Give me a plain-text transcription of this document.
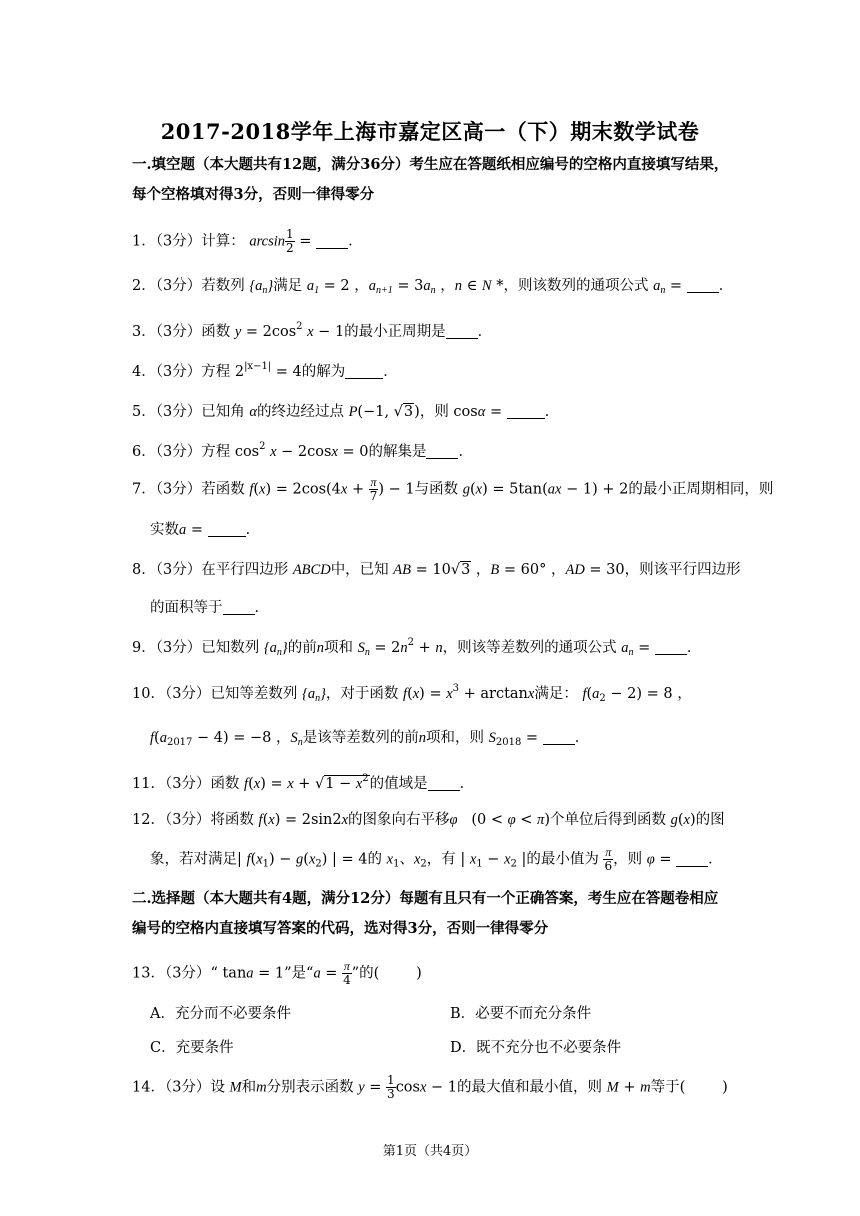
2017-2018学年上海市嘉定区高一（下）期末数学试卷
一.填空题（本大题共有12题，满分36分）考生应在答题纸相应编号的空格内直接填写结果，每个空格填对得3分，否则一律得零分
1．（3分）计算： $\arcsin \frac{1}{2}$ = ．
2．（3分）若数列 $\{a_n\}$满足 $a_1 = 2$ ，$a_{n+1} = 3a_n$ ，n ∈ N *，则该数列的通项公式 $a_n$ = ．
3．（3分）函数 $y = 2\cos^2$ x − 1的最小正周期是 ．
4．（3分）方程 $2^{|x-1|} = 4$的解为	．
5．（3分）已知角 α的终边经过点 P(−1, √3)，则 cosα =	．
6．（3分）方程 $\cos^2 x - 2\cos x = 0$的解集是 ．
7．（3分）若函数 $f(x) = 2\cos(4x + \frac{\pi}{7}$ ) − 1与函数 g(x) = 5tan(ax − 1) + 2的最小正周期相同，则
实数a =	．
8．（3分）在平行四边形 ABCD中，已知 AB = 10√3 ，B = 60° ，AD = 30，则该平行四边形
的面积等于 ．
9．（3分）已知数列 $\{a_n\}$的前n项和 $S_n = 2n^2 + n$，则该等差数列的通项公式 $a_n$ = ．
10．（3分）已知等差数列 $\{a_n\}$，对于函数 $f(x) = x^3 + \arctan x$满足： $f(a_2 - 2) = 8$ ，
$f(a_{2017} - 4) = -8$ ，$S_n$是该等差数列的前n项和，则 $S_{2018}$ = ．
11．（3分）函数 $f(x) = x + √1 - x^2$的值域是 ．
12．（3分）将函数 f(x) = 2sin2x的图象向右平移φ   (0 < φ < π)个单位后得到函数 g(x)的图
象，若对满足| $f(x_1) - g(x_2)$ | = 4的 $x_1$、$x_2$，有 | $x_1 - x_2$ |的最小值为 $\frac{\pi}{6}$ ，则 φ = ．
二.选择题（本大题共有4题，满分12分）每题有且只有一个正确答案，考生应在答题卷相应编号的空格内直接填写答案的代码，选对得3分，否则一律得零分
13．（3分）“ tana = 1”是“$a = \frac{\pi}{4}$ ”的(        )
A．充分而不必要条件	B．必要不而充分条件
C．充要条件	D．既不充分也不必要条件
14．（3分）设 M和m分别表示函数 $y = \frac{1}{3}$ cosx − 1的最大值和最小值，则 M + m等于(        )
第1页（共4页）
